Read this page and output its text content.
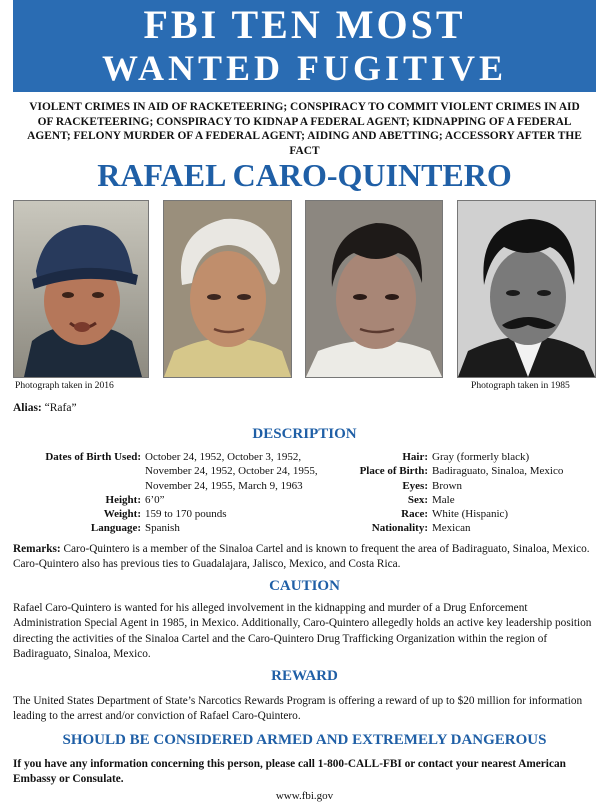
FBI TEN MOST
WANTED FUGITIVE
VIOLENT CRIMES IN AID OF RACKETEERING; CONSPIRACY TO COMMIT VIOLENT CRIMES IN AID OF RACKETEERING; CONSPIRACY TO KIDNAP A FEDERAL AGENT; KIDNAPPING OF A FEDERAL AGENT; FELONY MURDER OF A FEDERAL AGENT; AIDING AND ABETTING; ACCESSORY AFTER THE FACT
RAFAEL CARO-QUINTERO
Photograph taken in 2016	Photograph taken in 1985
Alias: “Rafa”
DESCRIPTION
Dates of Birth Used: October 24, 1952, October 3, 1952,
November 24, 1952, October 24, 1955,
November 24, 1955, March 9, 1963
Height: 6’0”
Weight: 159 to 170 pounds
Language: Spanish
Hair: Gray (formerly black)
Place of Birth: Badiraguato, Sinaloa, Mexico
Eyes: Brown
Sex: Male
Race: White (Hispanic)
Nationality: Mexican
Remarks: Caro-Quintero is a member of the Sinaloa Cartel and is known to frequent the area of Badiraguato, Sinaloa, Mexico. Caro-Quintero also has previous ties to Guadalajara, Jalisco, Mexico, and Costa Rica.
CAUTION
Rafael Caro-Quintero is wanted for his alleged involvement in the kidnapping and murder of a Drug Enforcement Administration Special Agent in 1985, in Mexico. Additionally, Caro-Quintero allegedly holds an active key leadership position directing the activities of the Sinaloa Cartel and the Caro-Quintero Drug Trafficking Organization within the region of Badiraguato, Sinaloa, Mexico.
REWARD
The United States Department of State’s Narcotics Rewards Program is offering a reward of up to $20 million for information leading to the arrest and/or conviction of Rafael Caro-Quintero.
SHOULD BE CONSIDERED ARMED AND EXTREMELY DANGEROUS
If you have any information concerning this person, please call 1-800-CALL-FBI or contact your nearest American Embassy or Consulate.
www.fbi.gov
